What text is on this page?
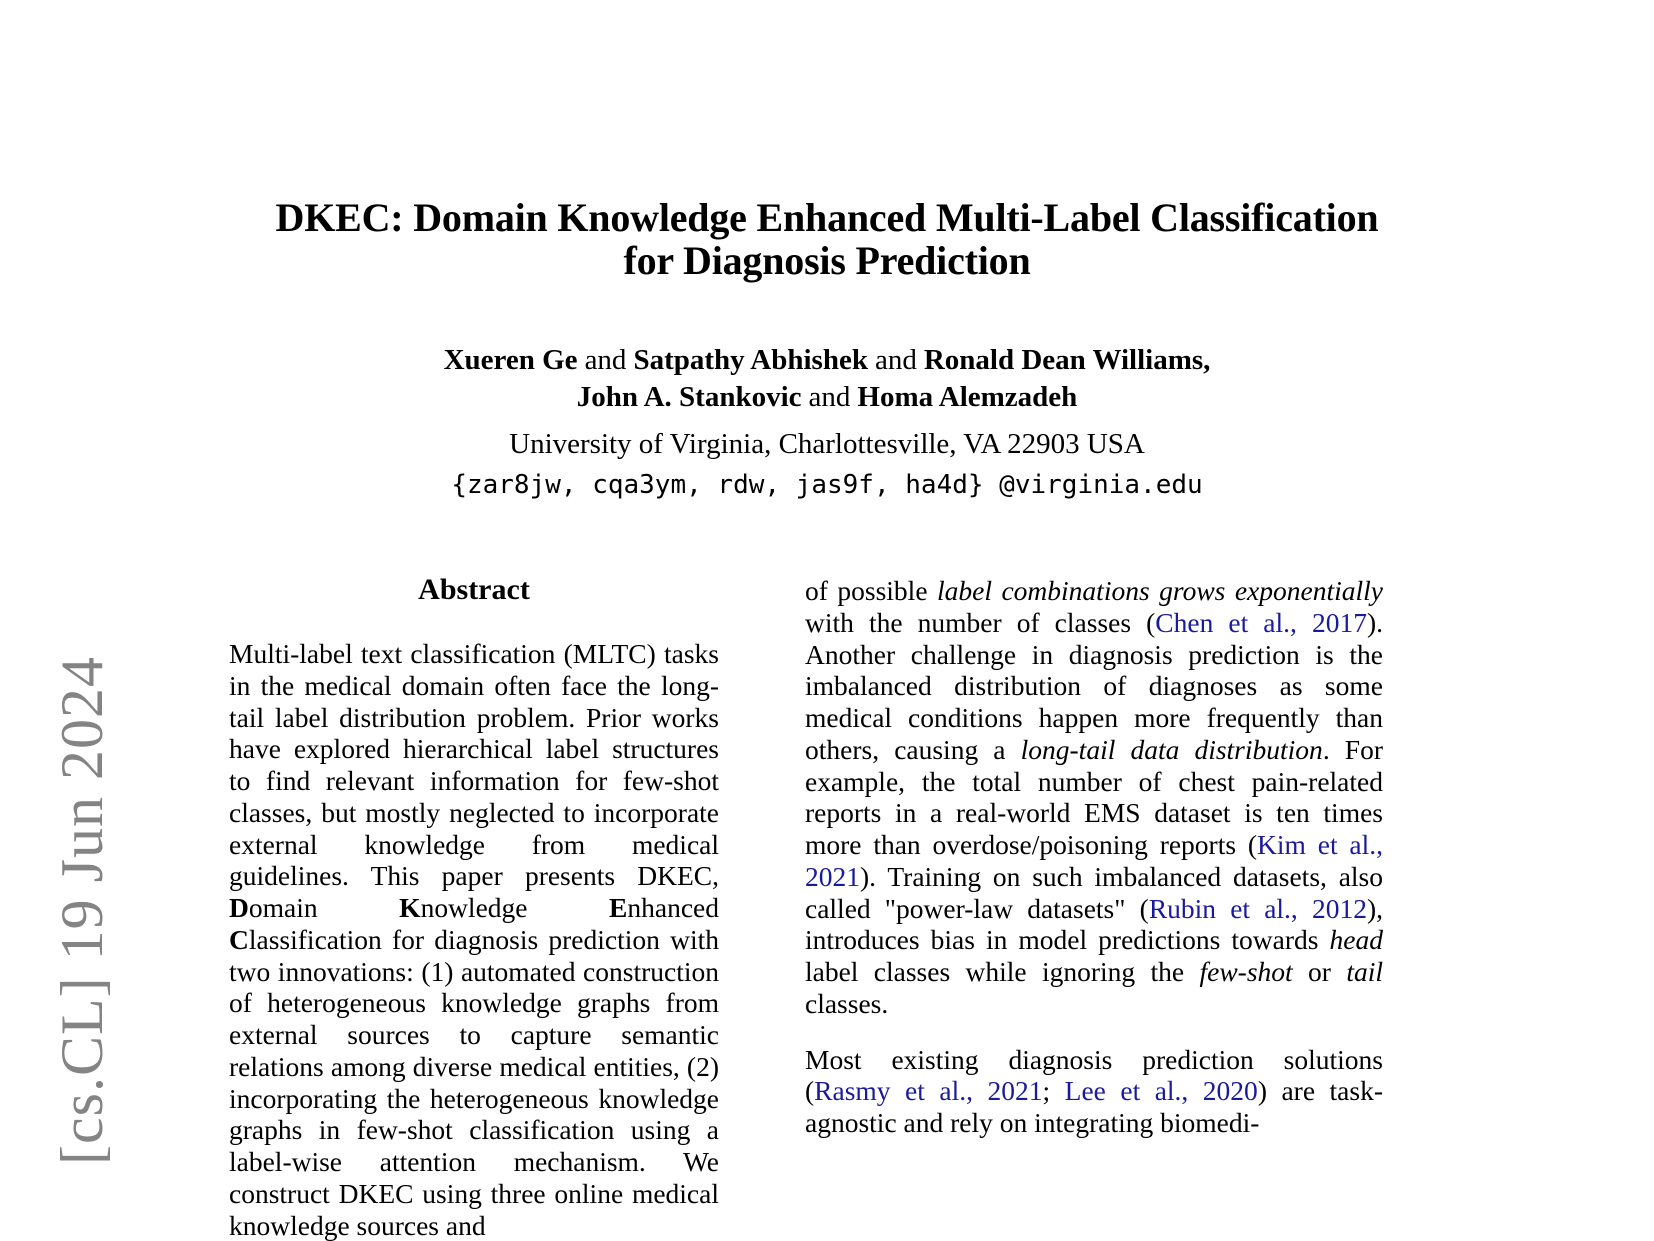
[cs.CL] 19 Jun 2024
DKEC: Domain Knowledge Enhanced Multi-Label Classification for Diagnosis Prediction
Xueren Ge and Satpathy Abhishek and Ronald Dean Williams,
John A. Stankovic and Homa Alemzadeh
University of Virginia, Charlottesville, VA 22903 USA
{zar8jw, cqa3ym, rdw, jas9f, ha4d} @virginia.edu
Abstract

Multi-label text classification (MLTC) tasks in the medical domain often face the long-tail label distribution problem. Prior works have explored hierarchical label structures to find relevant information for few-shot classes, but mostly neglected to incorporate external knowledge from medical guidelines. This paper presents DKEC, Domain Knowledge Enhanced Classification for diagnosis prediction with two innovations: (1) automated construction of heterogeneous knowledge graphs from external sources to capture semantic relations among diverse medical entities, (2) incorporating the heterogeneous knowledge graphs in few-shot classification using a label-wise attention mechanism. We construct DKEC using three online medical knowledge sources and

of possible label combinations grows exponentially with the number of classes (Chen et al., 2017). Another challenge in diagnosis prediction is the imbalanced distribution of diagnoses as some medical conditions happen more frequently than others, causing a long-tail data distribution. For example, the total number of chest pain-related reports in a real-world EMS dataset is ten times more than overdose/poisoning reports (Kim et al., 2021). Training on such imbalanced datasets, also called "power-law datasets" (Rubin et al., 2012), introduces bias in model predictions towards head label classes while ignoring the few-shot or tail classes.

Most existing diagnosis prediction solutions (Rasmy et al., 2021; Lee et al., 2020) are task-agnostic and rely on integrating biomedi-
